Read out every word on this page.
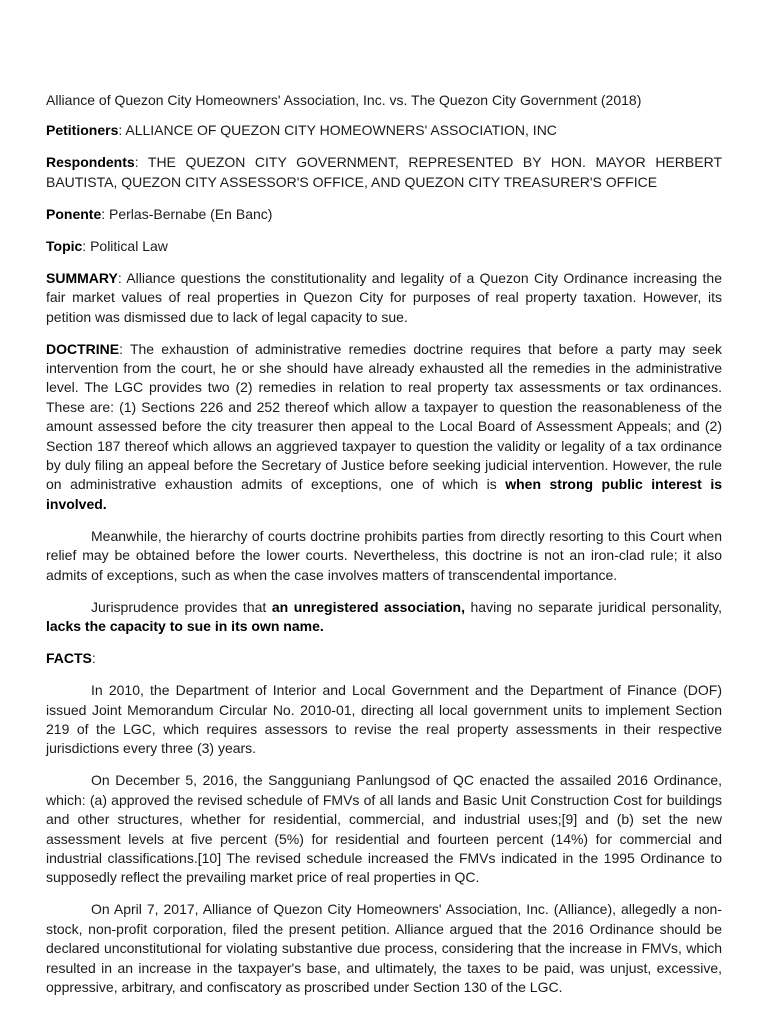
Alliance of Quezon City Homeowners' Association, Inc. vs. The Quezon City Government (2018)

Petitioners: ALLIANCE OF QUEZON CITY HOMEOWNERS' ASSOCIATION, INC

Respondents: THE QUEZON CITY GOVERNMENT, REPRESENTED BY HON. MAYOR HERBERT BAUTISTA, QUEZON CITY ASSESSOR'S OFFICE, AND QUEZON CITY TREASURER'S OFFICE

Ponente: Perlas-Bernabe (En Banc)

Topic: Political Law

SUMMARY: Alliance questions the constitutionality and legality of a Quezon City Ordinance increasing the fair market values of real properties in Quezon City for purposes of real property taxation. However, its petition was dismissed due to lack of legal capacity to sue.

DOCTRINE: The exhaustion of administrative remedies doctrine requires that before a party may seek intervention from the court, he or she should have already exhausted all the remedies in the administrative level. The LGC provides two (2) remedies in relation to real property tax assessments or tax ordinances. These are: (1) Sections 226 and 252 thereof which allow a taxpayer to question the reasonableness of the amount assessed before the city treasurer then appeal to the Local Board of Assessment Appeals; and (2) Section 187 thereof which allows an aggrieved taxpayer to question the validity or legality of a tax ordinance by duly filing an appeal before the Secretary of Justice before seeking judicial intervention. However, the rule on administrative exhaustion admits of exceptions, one of which is when strong public interest is involved.

Meanwhile, the hierarchy of courts doctrine prohibits parties from directly resorting to this Court when relief may be obtained before the lower courts. Nevertheless, this doctrine is not an iron-clad rule; it also admits of exceptions, such as when the case involves matters of transcendental importance.

Jurisprudence provides that an unregistered association, having no separate juridical personality, lacks the capacity to sue in its own name.

FACTS:

In 2010, the Department of Interior and Local Government and the Department of Finance (DOF) issued Joint Memorandum Circular No. 2010-01, directing all local government units to implement Section 219 of the LGC, which requires assessors to revise the real property assessments in their respective jurisdictions every three (3) years.

On December 5, 2016, the Sangguniang Panlungsod of QC enacted the assailed 2016 Ordinance, which: (a) approved the revised schedule of FMVs of all lands and Basic Unit Construction Cost for buildings and other structures, whether for residential, commercial, and industrial uses;[9] and (b) set the new assessment levels at five percent (5%) for residential and fourteen percent (14%) for commercial and industrial classifications.[10] The revised schedule increased the FMVs indicated in the 1995 Ordinance to supposedly reflect the prevailing market price of real properties in QC.

On April 7, 2017, Alliance of Quezon City Homeowners' Association, Inc. (Alliance), allegedly a non-stock, non-profit corporation, filed the present petition. Alliance argued that the 2016 Ordinance should be declared unconstitutional for violating substantive due process, considering that the increase in FMVs, which resulted in an increase in the taxpayer's base, and ultimately, the taxes to be paid, was unjust, excessive, oppressive, arbitrary, and confiscatory as proscribed under Section 130 of the LGC.
